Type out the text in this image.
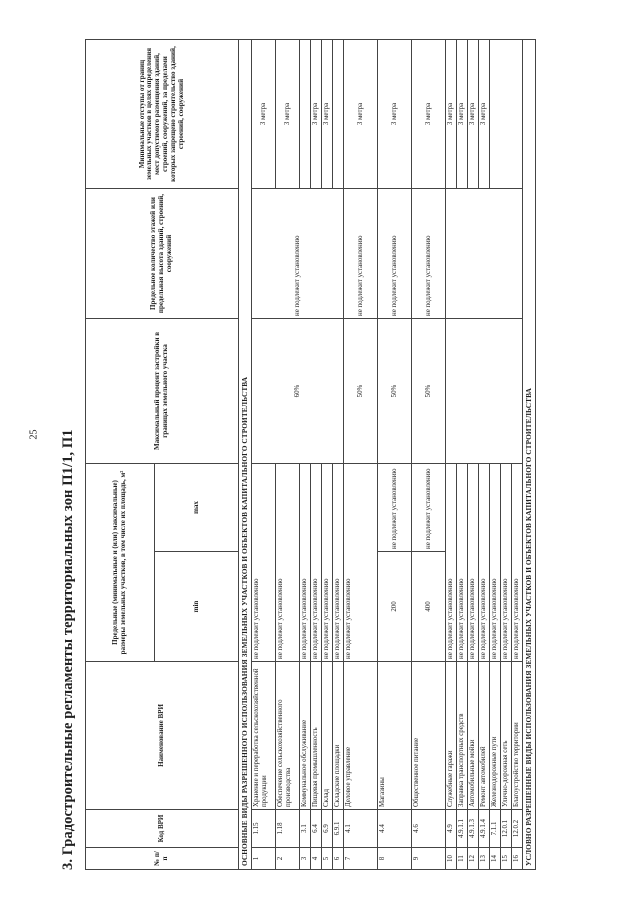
3. Градостроительные регламенты территориальных зон П1/1, П1	№ п/п	Код ВРИ	Наименование ВРИ	Предельные (минимальные и (или) максимальные) размеры земельных участков, в том числе их площадь, м²		Максимальный процент застройки в границах земельного участка	Предельное количество этажей или предельная высота зданий, строений, сооружений	Минимальные отступы от границ земельных участков в целях определения мест допустимого размещения зданий, строений, сооружений, за пределами которых запрещено строительство зданий, строений, сооружений
			min	max			
ОСНОВНЫЕ ВИДЫ РАЗРЕШЕННОГО ИСПОЛЬЗОВАНИЯ ЗЕМЕЛЬНЫХ УЧАСТКОВ И ОБЪЕКТОВ КАПИТАЛЬНОГО СТРОИТЕЛЬСТВА							
1	1.15	Хранение и переработка сельскохозяйственной продукции	не подлежит установлению		60%	не подлежит установлению	3 метра
2	1.18	Обеспечение сельскохозяйственного производства	не подлежит установлению				3 метра
3	3.1	Коммунальное обслуживание	не подлежит установлению				
4	6.4	Пищевая промышленность	не подлежит установлению				3 метра
5	6.9	Склад	не подлежит установлению				3 метра
6	6.9.1	Складские площадки	не подлежит установлению				
7	4.1	Деловое управление	не подлежит установлению		50%	не подлежит установлению	3 метра
8	4.4	Магазины	200	не подлежит установлению	50%	не подлежит установлению	3 метра
9	4.6	Общественное питание	400	не подлежит установлению	50%	не подлежит установлению	3 метра
10	4.9	Служебные гаражи	не подлежит установлению				3 метра
11	4.9.1.1	Заправка транспортных средств	не подлежит установлению				3 метра
12	4.9.1.3	Автомобильные мойки	не подлежит установлению				3 метра
13	4.9.1.4	Ремонт автомобилей	не подлежит установлению				3 метра
14	7.1.1	Железнодорожные пути	не подлежит установлению				
15	12.0.1	Улично-дорожная сеть	не подлежит установлению				
16	12.0.2	Благоустройство территории	не подлежит установлению				
УСЛОВНО РАЗРЕШЕННЫЕ ВИДЫ ИСПОЛЬЗОВАНИЯ ЗЕМЕЛЬНЫХ УЧАСТКОВ И ОБЪЕКТОВ КАПИТАЛЬНОГО СТРОИТЕЛЬСТВА							
25
